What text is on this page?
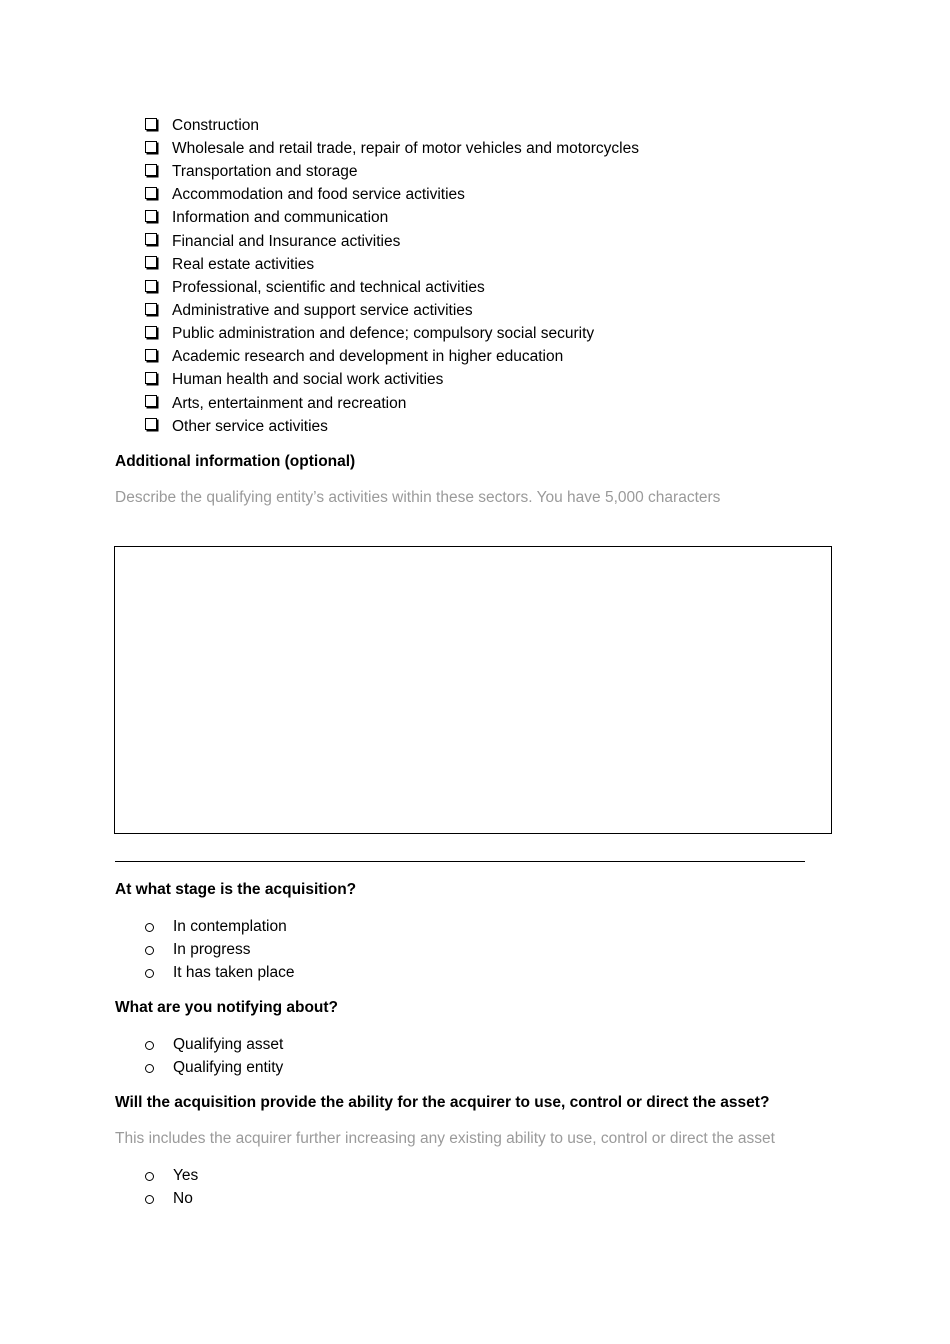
Construction
Wholesale and retail trade, repair of motor vehicles and motorcycles
Transportation and storage
Accommodation and food service activities
Information and communication
Financial and Insurance activities
Real estate activities
Professional, scientific and technical activities
Administrative and support service activities
Public administration and defence; compulsory social security
Academic research and development in higher education
Human health and social work activities
Arts, entertainment and recreation
Other service activities
Additional information (optional)
Describe the qualifying entity’s activities within these sectors. You have 5,000 characters
At what stage is the acquisition?
In contemplation
In progress
It has taken place
What are you notifying about?
Qualifying asset
Qualifying entity
Will the acquisition provide the ability for the acquirer to use, control or direct the asset?
This includes the acquirer further increasing any existing ability to use, control or direct the asset
Yes
No
